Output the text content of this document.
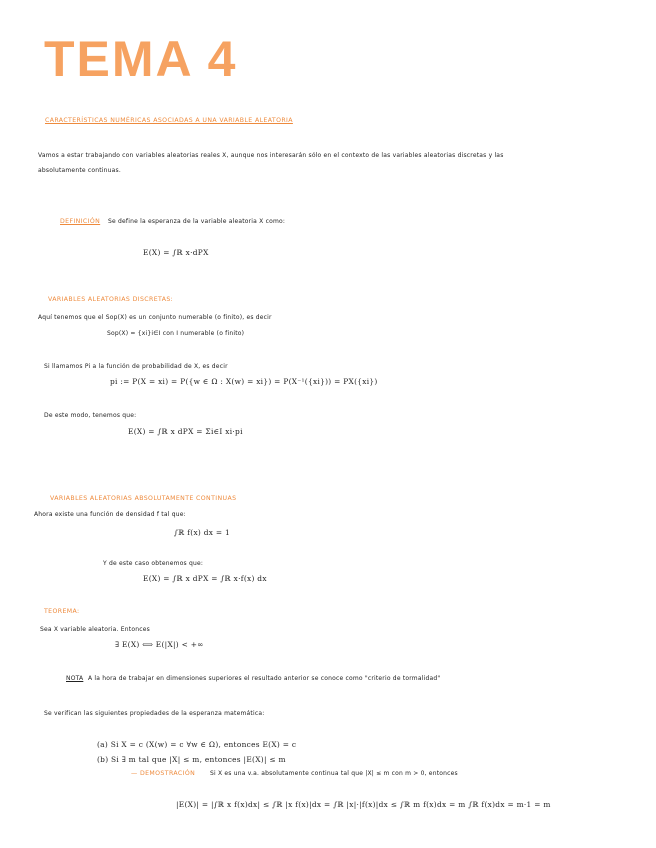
TEMA 4
CARACTERÍSTICAS NUMÉRICAS ASOCIADAS A UNA VARIABLE ALEATORIA
Vamos a estar trabajando con variables aleatorias reales X, aunque nos interesarán sólo en el contexto de las variables aleatorias discretas y las
absolutamente continuas.
DEFINICIÓN Se define la esperanza de la variable aleatoria X como:
E(X) = ∫ℝ x·dPX
VARIABLES ALEATORIAS DISCRETAS:
Aquí tenemos que el Sop(X) es un conjunto numerable (o finito), es decir
Sop(X) = {xi}i∈I con I numerable (o finito)
Si llamamos Pi a la función de probabilidad de X, es decir
pi := P(X = xi) = P({w ∈ Ω : X(w) = xi}) = P(X⁻¹({xi})) = PX({xi})
De este modo, tenemos que:
E(X) = ∫ℝ x dPX = Σi∈I xi·pi
VARIABLES ALEATORIAS ABSOLUTAMENTE CONTINUAS
Ahora existe una función de densidad f tal que:
∫ℝ f(x) dx = 1
Y de este caso obtenemos que:
E(X) = ∫ℝ x dPX = ∫ℝ x·f(x) dx
TEOREMA:
Sea X variable aleatoria. Entonces
∃ E(X) ⟺ E(|X|) < +∞
NOTA A la hora de trabajar en dimensiones superiores el resultado anterior se conoce como "criterio de tormalidad"
Se verifican las siguientes propiedades de la esperanza matemática:
(a) Si X = c (X(w) = c ∀w ∈ Ω), entonces E(X) = c
(b) Si ∃ m tal que |X| ≤ m, entonces |E(X)| ≤ m
— DEMOSTRACIÓN Si X es una v.a. absolutamente continua tal que |X| ≤ m con m > 0, entonces
|E(X)| = |∫ℝ x f(x)dx| ≤ ∫ℝ |x f(x)|dx = ∫ℝ |x|·|f(x)|dx ≤ ∫ℝ m f(x)dx = m ∫ℝ f(x)dx = m·1 = m
